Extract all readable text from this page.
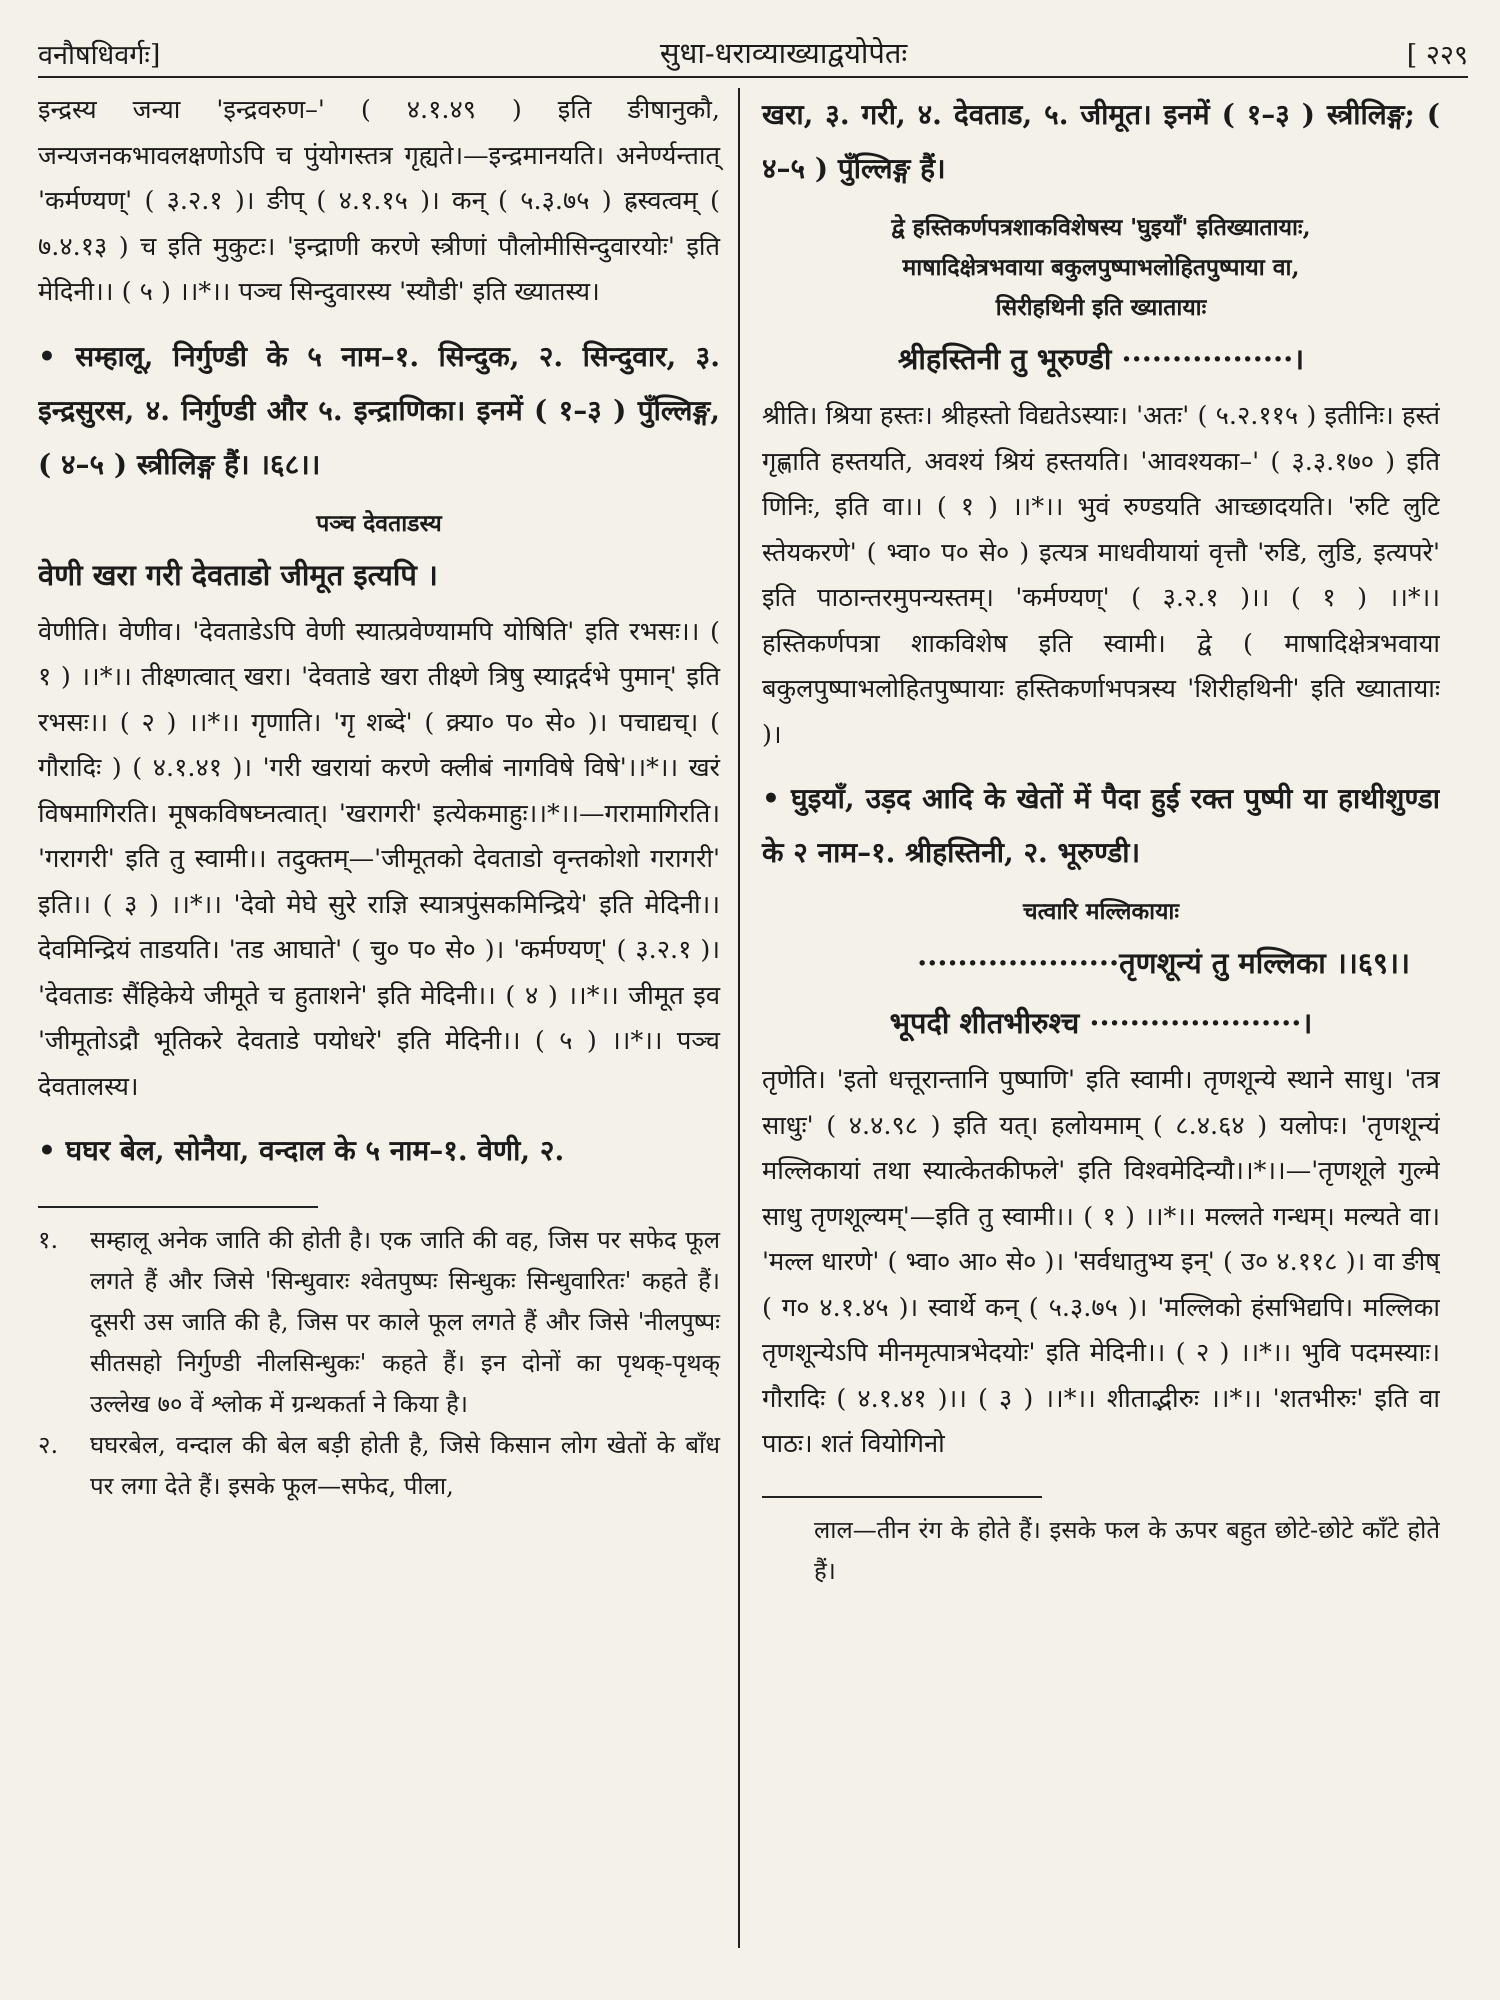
वनौषधिवर्गः]	सुधा-धराव्याख्याद्वयोपेतः	[ २२९

इन्द्रस्य जन्या 'इन्द्रवरुण–' ( ४.१.४९ ) इति ङीषानुकौ, जन्यजनकभावलक्षणोऽपि च पुंयोगस्तत्र गृह्यते।—इन्द्रमानयति। अनेर्ण्यन्तात् 'कर्मण्यण्' ( ३.२.१ )। ङीप् ( ४.१.१५ )। कन् ( ५.३.७५ ) ह्रस्वत्वम् ( ७.४.१३ ) च इति मुकुटः। 'इन्द्राणी करणे स्त्रीणां पौलोमीसिन्दुवारयोः' इति मेदिनी।। ( ५ ) ।।*।। पञ्च सिन्दुवारस्य 'स्यौडी' इति ख्यातस्य।

• सम्हालू, निर्गुण्डी के ५ नाम–१. सिन्दुक, २. सिन्दुवार, ३. इन्द्रसुरस, ४. निर्गुण्डी और ५. इन्द्राणिका। इनमें ( १–३ ) पुँल्लिङ्ग, ( ४–५ ) स्त्रीलिङ्ग हैं। ।६८।।
पञ्च देवताडस्य
वेणी खरा गरी देवताडो जीमूत इत्यपि ।

वेणीति। वेणीव। 'देवताडेऽपि वेणी स्यात्प्रवेण्यामपि योषिति' इति रभसः।। ( १ ) ।।*।। तीक्ष्णत्वात् खरा। 'देवताडे खरा तीक्ष्णे त्रिषु स्याद्गर्दभे पुमान्' इति रभसः।। ( २ ) ।।*।। गृणाति। 'गृ शब्दे' ( क्र्या० प० से० )। पचाद्यच्। ( गौरादिः ) ( ४.१.४१ )। 'गरी खरायां करणे क्लीबं नागविषे विषे'।।*।। खरं विषमागिरति। मूषकविषघ्नत्वात्। 'खरागरी' इत्येकमाहुः।।*।।—गरामागिरति। 'गरागरी' इति तु स्वामी।। तदुक्तम्—'जीमूतको देवताडो वृन्तकोशो गरागरी' इति।। ( ३ ) ।।*।। 'देवो मेघे सुरे राज्ञि स्यात्रपुंसकमिन्द्रिये' इति मेदिनी।। देवमिन्द्रियं ताडयति। 'तड आघाते' ( चु० प० से० )। 'कर्मण्यण्' ( ३.२.१ )। 'देवताडः सैंहिकेये जीमूते च हुताशने' इति मेदिनी।। ( ४ ) ।।*।। जीमूत इव 'जीमूतोऽद्रौ भूतिकरे देवताडे पयोधरे' इति मेदिनी।। ( ५ ) ।।*।। पञ्च देवतालस्य।

• घघर बेल, सोनैया, वन्दाल के ५ नाम–१. वेणी, २.
१.	सम्हालू अनेक जाति की होती है। एक जाति की वह, जिस पर सफेद फूल लगते हैं और जिसे 'सिन्धुवारः श्वेतपुष्पः सिन्धुकः सिन्धुवारितः' कहते हैं। दूसरी उस जाति की है, जिस पर काले फूल लगते हैं और जिसे 'नीलपुष्पः सीतसहो निर्गुण्डी नीलसिन्धुकः' कहते हैं। इन दोनों का पृथक्-पृथक् उल्लेख ७० वें श्लोक में ग्रन्थकर्ता ने किया है।
२.	घघरबेल, वन्दाल की बेल बड़ी होती है, जिसे किसान लोग खेतों के बाँध पर लगा देते हैं। इसके फूल—सफेद, पीला,
खरा, ३. गरी, ४. देवताड, ५. जीमूत। इनमें ( १–३ ) स्त्रीलिङ्ग; ( ४–५ ) पुँल्लिङ्ग हैं।
द्वे हस्तिकर्णपत्रशाकविशेषस्य 'घुइयाँ' इतिख्यातायाः,
माषादिक्षेत्रभवाया बकुलपुष्पाभलोहितपुष्पाया वा,
सिरीहथिनी इति ख्यातायाः
श्रीहस्तिनी तु भूरुण्डी ·················।

श्रीति। श्रिया हस्तः। श्रीहस्तो विद्यतेऽस्याः। 'अतः' ( ५.२.११५ ) इतीनिः। हस्तं गृह्णाति हस्तयति, अवश्यं श्रियं हस्तयति। 'आवश्यका–' ( ३.३.१७० ) इति णिनिः, इति वा।। ( १ ) ।।*।। भुवं रुण्डयति आच्छादयति। 'रुटि लुटि स्तेयकरणे' ( भ्वा० प० से० ) इत्यत्र माधवीयायां वृत्तौ 'रुडि, लुडि, इत्यपरे' इति पाठान्तरमुपन्यस्तम्। 'कर्मण्यण्' ( ३.२.१ )।। ( १ ) ।।*।। हस्तिकर्णपत्रा शाकविशेष इति स्वामी। द्वे ( माषादिक्षेत्रभवाया बकुलपुष्पाभलोहितपुष्पायाः हस्तिकर्णाभपत्रस्य 'शिरीहथिनी' इति ख्यातायाः )।

• घुइयाँ, उड़द आदि के खेतों में पैदा हुई रक्त पुष्पी या हाथीशुण्डा के २ नाम–१. श्रीहस्तिनी, २. भूरुण्डी।
चत्वारि मल्लिकायाः
····················तृणशून्यं तु मल्लिका ।।६९।।
भूपदी शीतभीरुश्च ·····················।

तृणेति। 'इतो धत्तूरान्तानि पुष्पाणि' इति स्वामी। तृणशून्ये स्थाने साधु। 'तत्र साधुः' ( ४.४.९८ ) इति यत्। हलोयमाम् ( ८.४.६४ ) यलोपः। 'तृणशून्यं मल्लिकायां तथा स्यात्केतकीफले' इति विश्वमेदिन्यौ।।*।।—'तृणशूले गुल्मे साधु तृणशूल्यम्'—इति तु स्वामी।। ( १ ) ।।*।। मल्लते गन्धम्। मल्यते वा। 'मल्ल धारणे' ( भ्वा० आ० से० )। 'सर्वधातुभ्य इन्' ( उ० ४.११८ )। वा ङीष् ( ग० ४.१.४५ )। स्वार्थे कन् ( ५.३.७५ )। 'मल्लिको हंसभिद्यपि। मल्लिका तृणशून्येऽपि मीनमृत्पात्रभेदयोः' इति मेदिनी।। ( २ ) ।।*।। भुवि पदमस्याः। गौरादिः ( ४.१.४१ )।। ( ३ ) ।।*।। शीताद्भीरुः ।।*।। 'शतभीरुः' इति वा पाठः। शतं वियोगिनो

लाल—तीन रंग के होते हैं। इसके फल के ऊपर बहुत छोटे-छोटे काँटे होते हैं।
